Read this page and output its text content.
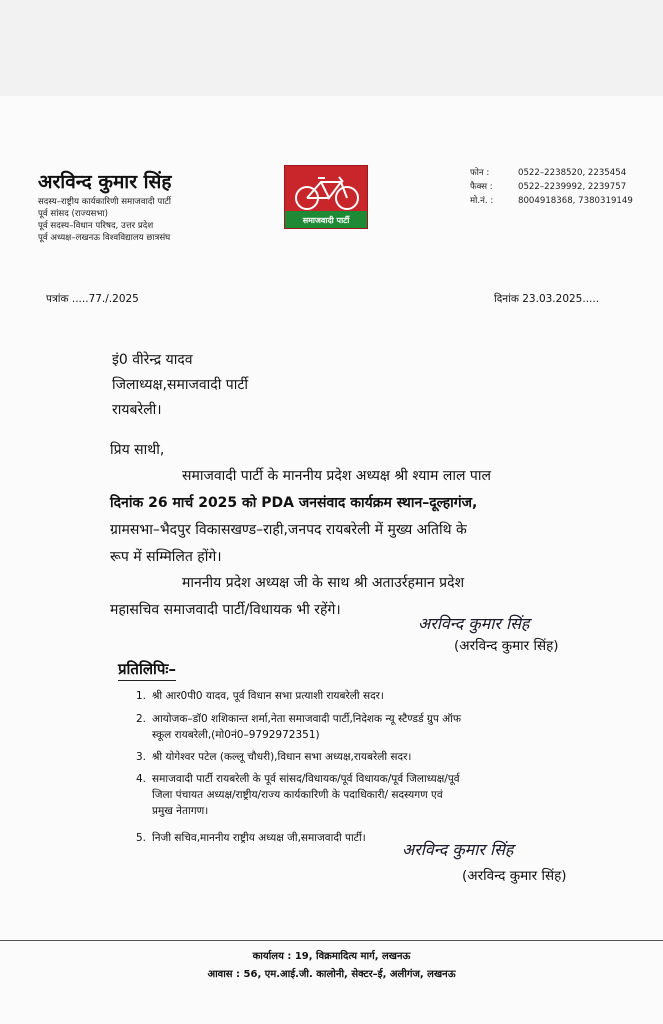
अरविन्द कुमार सिंह
सदस्य–राष्ट्रीय कार्यकारिणी समाजवादी पार्टी
पूर्व सांसद (राज्यसभा)
पूर्व सदस्य–विधान परिषद, उत्तर प्रदेश
पूर्व अध्यक्ष–लखनऊ विश्वविद्यालय छात्रसंघ
समाजवादी पार्टी
फोन :	0522–2238520, 2235454
फैक्स :	0522–2239992, 2239757
मो.नं. :	8004918368, 7380319149
पत्रांक .....77./.2025	दिनांक 23.03.2025.....
इं0 वीरेन्द्र यादव
जिलाध्यक्ष,समाजवादी पार्टी
रायबरेली।
प्रिय साथी,
समाजवादी पार्टी के माननीय प्रदेश अध्यक्ष श्री श्याम लाल पाल
दिनांक 26 मार्च 2025 को PDA जनसंवाद कार्यक्रम स्थान–दूल्हागंज,
ग्रामसभा–भैदपुर विकासखण्ड–राही,जनपद रायबरेली में मुख्य अतिथि के
रूप में सम्मिलित होंगे।
माननीय प्रदेश अध्यक्ष जी के साथ श्री अताउर्रहमान प्रदेश
महासचिव समाजवादी पार्टी/विधायक भी रहेंगे।
अरविन्द कुमार सिंह
(अरविन्द कुमार सिंह)
प्रतिलिपिः–
1. श्री आर0पी0 यादव, पूर्व विधान सभा प्रत्याशी रायबरेली सदर।
2. आयोजक–डॉ0 शशिकान्त शर्मा,नेता समाजवादी पार्टी,निदेशक न्यू स्टैण्डर्ड ग्रुप ऑफ
स्कूल रायबरेली,(मो0नं0–9792972351)
3. श्री योगेश्वर पटेल (कल्लू चौधरी),विधान सभा अध्यक्ष,रायबरेली सदर।
4. समाजवादी पार्टी रायबरेली के पूर्व सांसद/विधायक/पूर्व विधायक/पूर्व जिलाध्यक्ष/पूर्व
जिला पंचायत अध्यक्ष/राष्ट्रीय/राज्य कार्यकारिणी के पदाधिकारी/ सदस्यगण एवं
प्रमुख नेतागण।
5. निजी सचिव,माननीय राष्ट्रीय अध्यक्ष जी,समाजवादी पार्टी।
अरविन्द कुमार सिंह
(अरविन्द कुमार सिंह)
कार्यालय : 19, विक्रमादित्य मार्ग, लखनऊ
आवास : 56, एम.आई.जी. कालोनी, सेक्टर–ई, अलीगंज, लखनऊ
